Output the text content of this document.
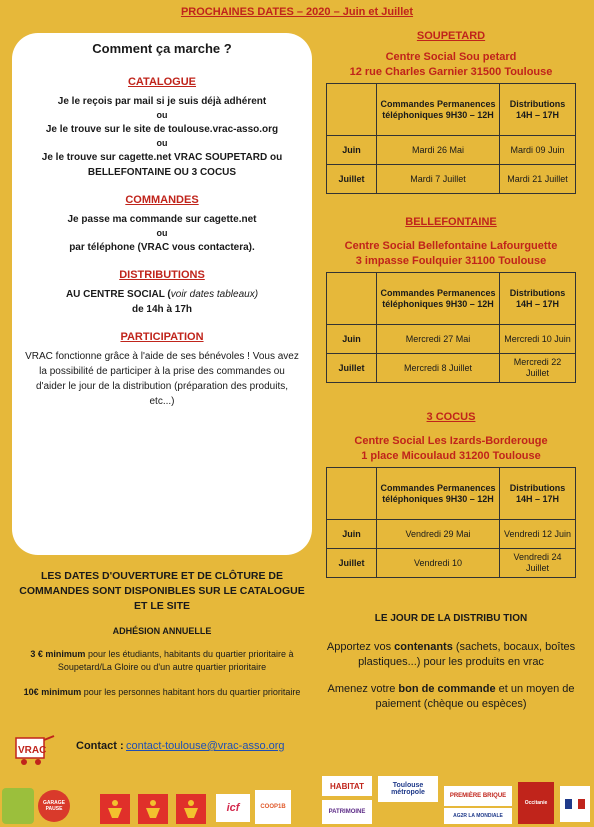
PROCHAINES DATES – 2020 – Juin et Juillet
Comment ça marche ?
CATALOGUE

Je le reçois par mail si je suis déjà adhérent

ou

Je le trouve sur le site de toulouse.vrac-asso.org

ou

Je le trouve sur cagette.net VRAC SOUPETARD ou

BELLEFONTAINE OU 3 COCUS

COMMANDES

Je passe ma commande sur cagette.net

ou

par téléphone (VRAC vous contactera).

DISTRIBUTIONS

AU CENTRE SOCIAL (voir dates tableaux)

de 14h à 17h

PARTICIPATION

VRAC fonctionne grâce à l'aide de ses bénévoles ! Vous avez la possibilité de participer à la prise des commandes ou d'aider le jour de la distribution (préparation des produits, etc...)

LES DATES D'OUVERTURE ET DE CLÔTURE DE COMMANDES SONT DISPONIBLES SUR LE CATALOGUE ET LE SITE

ADHÉSION ANNUELLE

3 € minimum pour les étudiants, habitants du quartier prioritaire à Soupetard/La Gloire ou d'un autre quartier prioritaire

10€ minimum pour les personnes habitant hors du quartier prioritaire

SOUPETARD
Centre Social Sou petard
12 rue Charles Garnier 31500 Toulouse
	Commandes Permanences téléphoniques 9H30 – 12H	Distributions 14H – 17H
Juin	Mardi 26 Mai	Mardi 09 Juin
Juillet	Mardi 7 Juillet	Mardi 21 Juillet
BELLEFONTAINE
Centre Social Bellefontaine Lafourguette
3 impasse Foulquier 31100 Toulouse
	Commandes Permanences téléphoniques 9H30 – 12H	Distributions 14H – 17H
Juin	Mercredi 27 Mai	Mercredi 10 Juin
Juillet	Mercredi 8 Juillet	Mercredi 22 Juillet
3 COCUS
Centre Social Les Izards-Borderouge
1 place Micoulaud 31200 Toulouse
	Commandes Permanences téléphoniques 9H30 – 12H	Distributions 14H – 17H
Juin	Vendredi 29 Mai	Vendredi 12 Juin
Juillet	Vendredi 10	Vendredi 24 Juillet
LE JOUR DE LA DISTRIBU TION

Apportez vos contenants (sachets, bocaux, boîtes plastiques...) pour les produits en vrac

Amenez votre bon de commande et un moyen de paiement (chèque ou espèces)

VRAC	Contact : contact-toulouse@vrac-asso.org
GARAGE PAUSE	icf	COOP1B
HABITAT	Toulouse métropole	PREMIÈRE BRIQUE
Occitanie
PATRIMOINE
AG2R LA MONDIALE
